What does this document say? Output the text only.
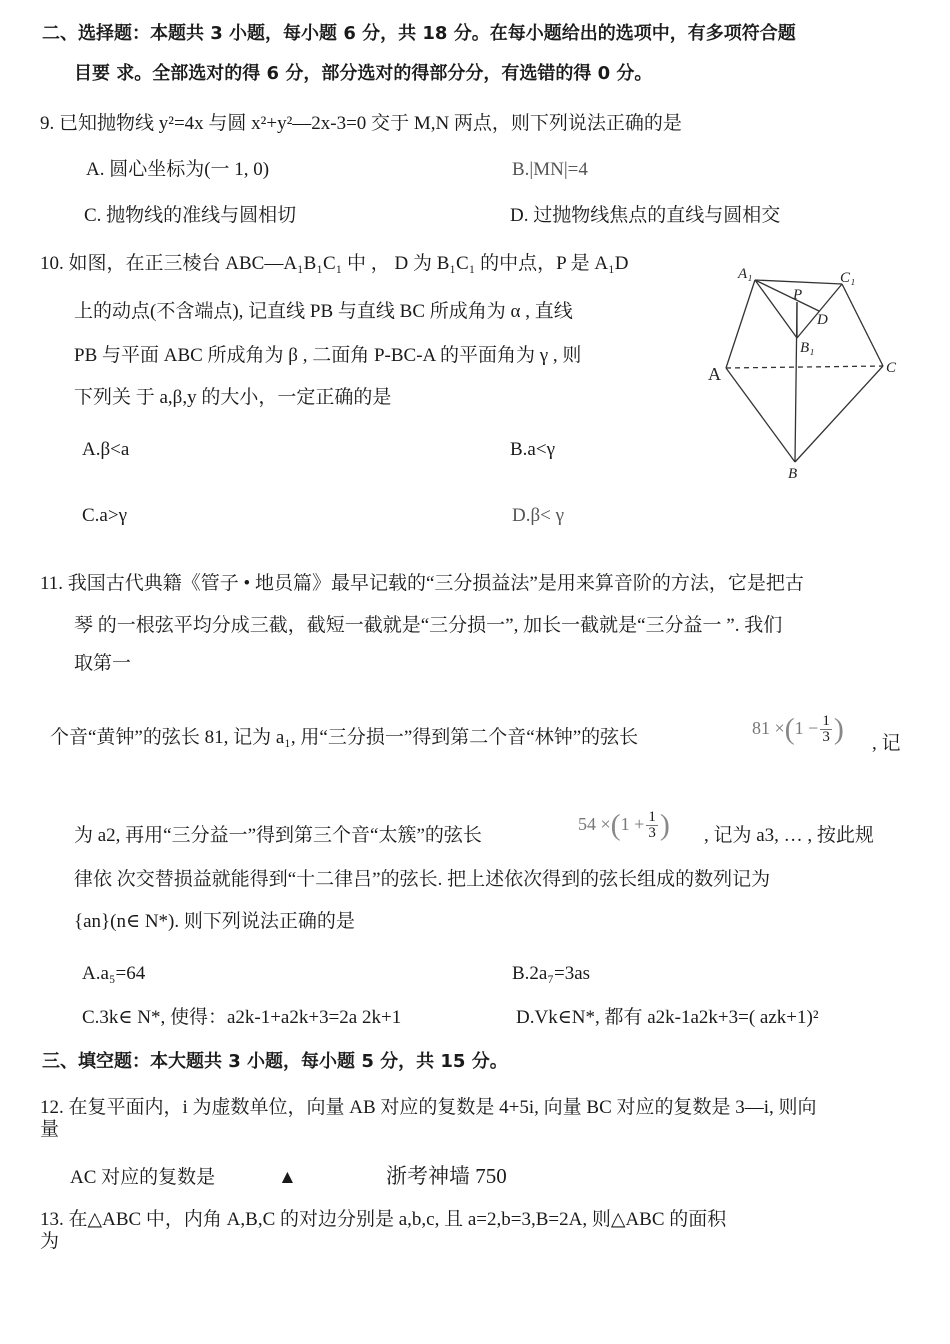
二、选择题：本题共 3 小题，每小题 6 分，共 18 分。在每小题给出的选项中，有多项符合题
目要 求。全部选对的得 6 分，部分选对的得部分分，有选错的得 0 分。
9. 已知抛物线 y²=4x 与圆 x²+y²—2x-3=0 交于 M,N 两点，则下列说法正确的是
A. 圆心坐标为(一 1, 0)	B.|MN|=4
C. 抛物线的准线与圆相切	D. 过抛物线焦点的直线与圆相交
10. 如图，在正三棱台 ABC—A₁B₁C₁ 中 ， D 为 B₁C₁ 的中点，P 是 A₁D
上的动点(不含端点), 记直线 PB 与直线 BC 所成角为 α , 直线
PB 与平面 ABC 所成角为 β , 二面角 P-BC-A 的平面角为 γ , 则
下列关 于 a,β,y 的大小，一定正确的是
A.β<a	B.a<γ
C.a>γ	D.β< γ
A₁	C₁
P
D
B₁
C
B
A
11. 我国古代典籍《管子 • 地员篇》最早记载的“三分损益法”是用来算音阶的方法，它是把古
琴 的一根弦平均分成三截，截短一截就是“三分损一”, 加长一截就是“三分益一 ”. 我们
取第一
个音“黄钟”的弦长 81, 记为 a₁, 用“三分损一”得到第二个音“林钟”的弦长	$81 \times(1 - \frac{1}{3}$ ) , 记
为 a2, 再用“三分益一”得到第三个音“太簇”的弦长
$54 \times(1 + \frac{1}{3}$ ) , 记为 a3, … , 按此规
律依 次交替损益就能得到“十二律吕”的弦长. 把上述依次得到的弦长组成的数列记为
{an}(n∈ N*). 则下列说法正确的是
A.a₅=64	B.2a₇=3as
C.3k∈ N*, 使得：a2k-1+a2k+3=2a 2k+1	D.Vk∈N*, 都有 a2k-1a2k+3=( azk+1)²
三、填空题：本大题共 3 小题，每小题 5 分，共 15 分。
12. 在复平面内，i 为虚数单位，向量 AB 对应的复数是 4+5i, 向量 BC 对应的复数是 3—i, 则向
量
AC 对应的复数是	▲	浙考神墙 750
13. 在△ABC 中，内角 A,B,C 的对边分别是 a,b,c, 且 a=2,b=3,B=2A, 则△ABC 的面积
为
